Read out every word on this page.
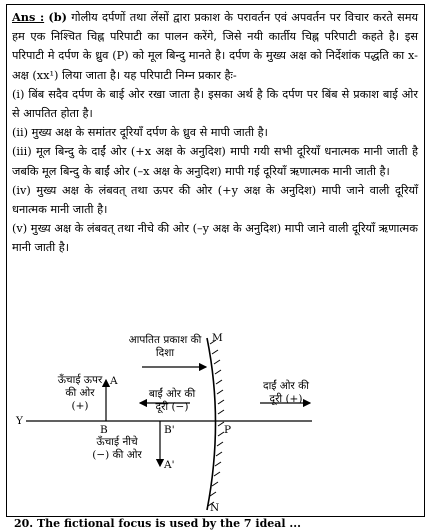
Ans : (b) गोलीय दर्पणों तथा लेंसों द्वारा प्रकाश के परावर्तन एवं अपवर्तन पर विचार करते समय हम एक निश्चित चिह्न परिपाटी का पालन करेंगे, जिसे नयी कार्तीय चिह्न परिपाटी कहते है। इस परिपाटी मे दर्पण के ध्रुव (P) को मूल बिन्दु मानते है। दर्पण के मुख्य अक्ष को निर्देशांक पद्धति का x-अक्ष (xx¹) लिया जाता है। यह परिपाटी निम्न प्रकार हैः-

(i) बिंब सदैव दर्पण के बाई ओर रखा जाता है। इसका अर्थ है कि दर्पण पर बिंब से प्रकाश बाई ओर से आपतित होता है।

(ii) मुख्य अक्ष के समांतर दूरियाँ दर्पण के ध्रुव से मापी जाती है।

(iii) मूल बिन्दु के दाईं ओर (+x अक्ष के अनुदिश) मापी गयी सभी दूरियाँ धनात्मक मानी जाती है जबकि मूल बिन्दु के बाईं ओर (–x अक्ष के अनुदिश) मापी गई दूरियाँ ऋणात्मक मानी जाती है।

(iv) मुख्य अक्ष के लंबवत् तथा ऊपर की ओर (+y अक्ष के अनुदिश) मापी जाने वाली दूरियाँ धनात्मक मानी जाती है।

(v) मुख्य अक्ष के लंबवत् तथा नीचे की ओर (–y अक्ष के अनुदिश) मापी जाने वाली दूरियाँ ऋणात्मक मानी जाती है।

आपतित प्रकाश की दिशा
M
ऊँचाई ऊपर की ओर (+)
A
बाईं ओर की दूरी (−)
दाईं ओर की दूरी (+)
Y
P
B	B'
ऊँचाई नीचे (−) की ओर
A'
N
20. The fictional focus is used by the 7 ideal ...
